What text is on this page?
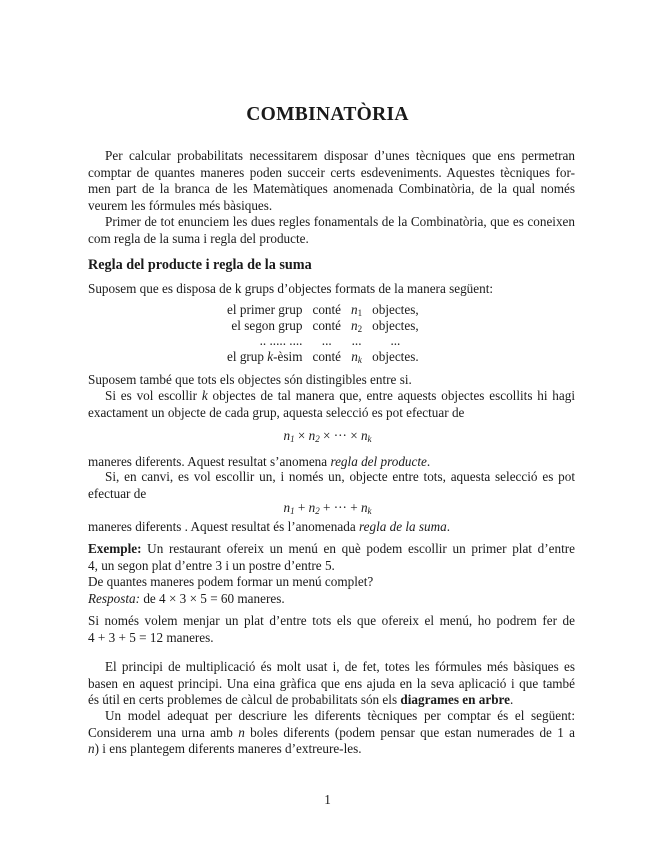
COMBINATÒRIA
Per calcular probabilitats necessitarem disposar d’unes tècniques que ens permetran
comptar de quantes maneres poden succeir certs esdeveniments. Aquestes tècniques for-
men part de la branca de les Matemàtiques anomenada Combinatòria, de la qual només
veurem les fórmules més bàsiques.
Primer de tot enunciem les dues regles fonamentals de la Combinatòria, que es coneixen
com regla de la suma i regla del producte.
Regla del producte i regla de la suma
Suposem que es disposa de k grups d’objectes formats de la manera següent:
el primer grup	conté	$n_1$	objectes,
el segon grup	conté	$n_2$	objectes,
.. ..... ....	...	...	...
el grup k-èsim	conté	$n_k$	objectes.
Suposem també que tots els objectes són distingibles entre si.
Si es vol escollir k objectes de tal manera que, entre aquests objectes escollits hi hagi
exactament un objecte de cada grup, aquesta selecció es pot efectuar de
$n_1 \times n_2$ × ··· × $n_k$
maneres diferents. Aquest resultat s’anomena regla del producte.
Si, en canvi, es vol escollir un, i només un, objecte entre tots, aquesta selecció es pot
efectuar de
$n_1 + n_2$ + ··· + $n_k$
maneres diferents . Aquest resultat és l’anomenada regla de la suma.
Exemple: Un restaurant ofereix un menú en què podem escollir un primer plat d’entre
4, un segon plat d’entre 3 i un postre d’entre 5.
De quantes maneres podem formar un menú complet?
Resposta: de 4 × 3 × 5 = 60 maneres.
Si només volem menjar un plat d’entre tots els que ofereix el menú, ho podrem fer de
4 + 3 + 5 = 12 maneres.
El principi de multiplicació és molt usat i, de fet, totes les fórmules més bàsiques es
basen en aquest principi. Una eina gràfica que ens ajuda en la seva aplicació i que també
és útil en certs problemes de càlcul de probabilitats són els diagrames en arbre.
Un model adequat per descriure les diferents tècniques per comptar és el següent:
Considerem una urna amb n boles diferents (podem pensar que estan numerades de 1 a
n) i ens plantegem diferents maneres d’extreure-les.
1
